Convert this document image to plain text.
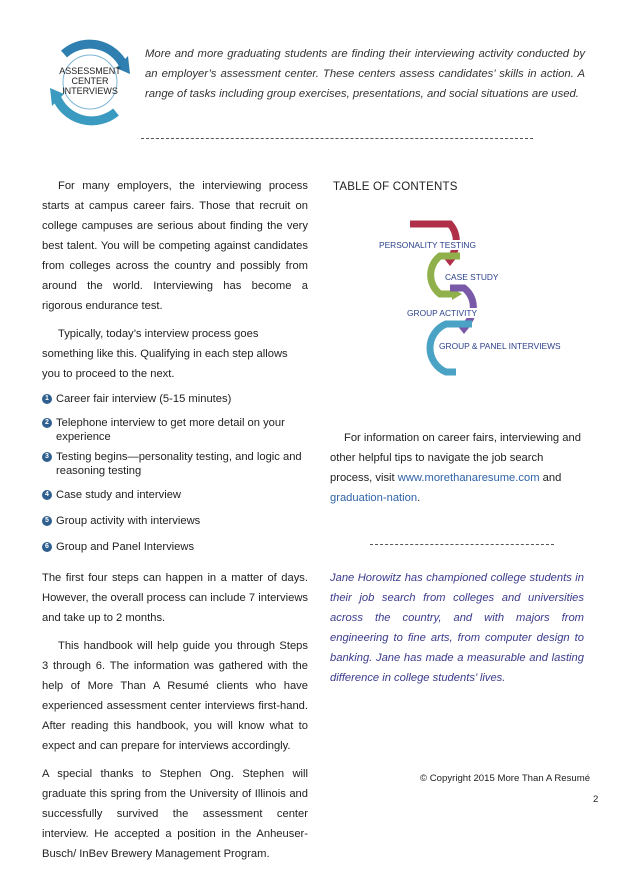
ASSESSMENT
CENTER
INTERVIEWS
More and more graduating students are finding their interviewing activity conducted by an employer’s assessment center. These centers assess candidates’ skills in action. A range of tasks including group exercises, presentations, and social situations are used.

For many employers, the interviewing process starts at campus career fairs. Those that recruit on college campuses are serious about finding the very best talent. You will be competing against candidates from colleges across the country and possibly from around the world. Interviewing has become a rigorous endurance test.

Typically, today’s interview process goes something like this. Qualifying in each step allows you to proceed to the next.

1 Career fair interview (5-15 minutes)
2 Telephone interview to get more detail on your experience
3 Testing begins—personality testing, and logic and reasoning testing
4 Case study and interview
5 Group activity with interviews
6 Group and Panel Interviews

The first four steps can happen in a matter of days. However, the overall process can include 7 interviews and take up to 2 months.

This handbook will help guide you through Steps 3 through 6. The information was gathered with the help of More Than A Resumé clients who have experienced assessment center interviews first-hand. After reading this handbook, you will know what to expect and can prepare for interviews accordingly.

A special thanks to Stephen Ong. Stephen will graduate this spring from the University of Illinois and successfully survived the assessment center interview. He accepted a position in the Anheuser-Busch/ InBev Brewery Management Program.

TABLE OF CONTENTS
PERSONALITY TESTING
CASE STUDY
GROUP ACTIVITY
GROUP & PANEL INTERVIEWS
For information on career fairs, interviewing and other helpful tips to navigate the job search process, visit www.morethanaresume.com and graduation-nation.
Jane Horowitz has championed college students in their job search from colleges and universities across the country, and with majors from engineering to fine arts, from computer design to banking. Jane has made a measurable and lasting difference in college students’ lives.
© Copyright 2015 More Than A Resumé
2
